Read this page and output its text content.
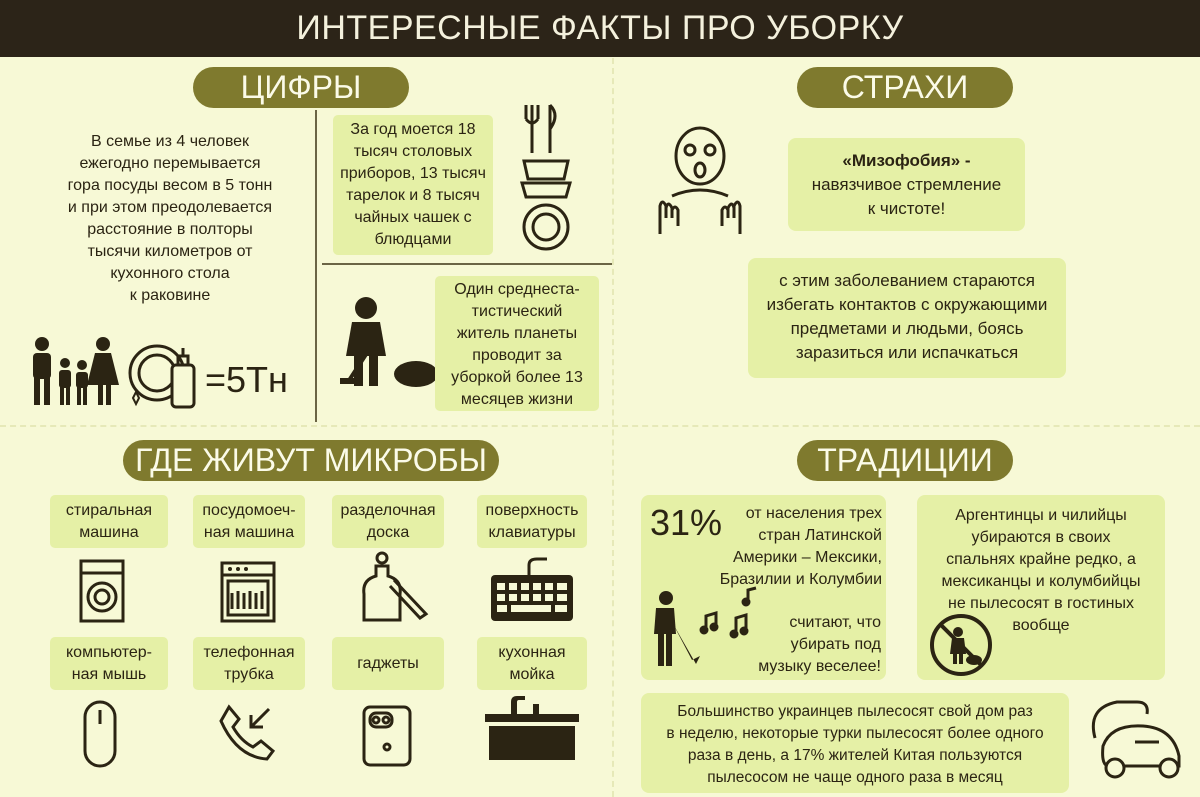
ИНТЕРЕСНЫЕ ФАКТЫ ПРО УБОРКУ
ЦИФРЫ	СТРАХИ
ГДЕ ЖИВУТ МИКРОБЫ	ТРАДИЦИИ
В семье из 4 человек
ежегодно перемывается
гора посуды весом в 5 тонн
и при этом преодолевается
расстояние в полторы
тысячи километров от
кухонного стола
к раковине
=5Тн
За год моется 18
тысяч столовых
приборов, 13 тысяч
тарелок и 8 тысяч
чайных чашек с
блюдцами
Один среднеста-
тистический
житель планеты
проводит за
уборкой более 13
месяцев жизни
«Мизофобия» -
навязчивое стремление
к чистоте!
с этим заболеванием стараются
избегать контактов с окружающими
предметами и людьми, боясь
заразиться или испачкаться
стиральная
машина
посудомоеч-
ная машина
разделочная
доска
поверхность
клавиатуры
компьютер-
ная мышь
телефонная
трубка
гаджеты
кухонная
мойка
31%	от населения трех
стран Латинской
Америки – Мексики,
Бразилии и Колумбии
считают, что
убирать под
музыку веселее!
Аргентинцы и чилийцы
убираются в своих
спальнях крайне редко, а
мексиканцы и колумбийцы
не пылесосят в гостиных
вообще
Большинство украинцев пылесосят свой дом раз
в неделю, некоторые турки пылесосят более одного
раза в день, а 17% жителей Китая пользуются
пылесосом не чаще одного раза в месяц
